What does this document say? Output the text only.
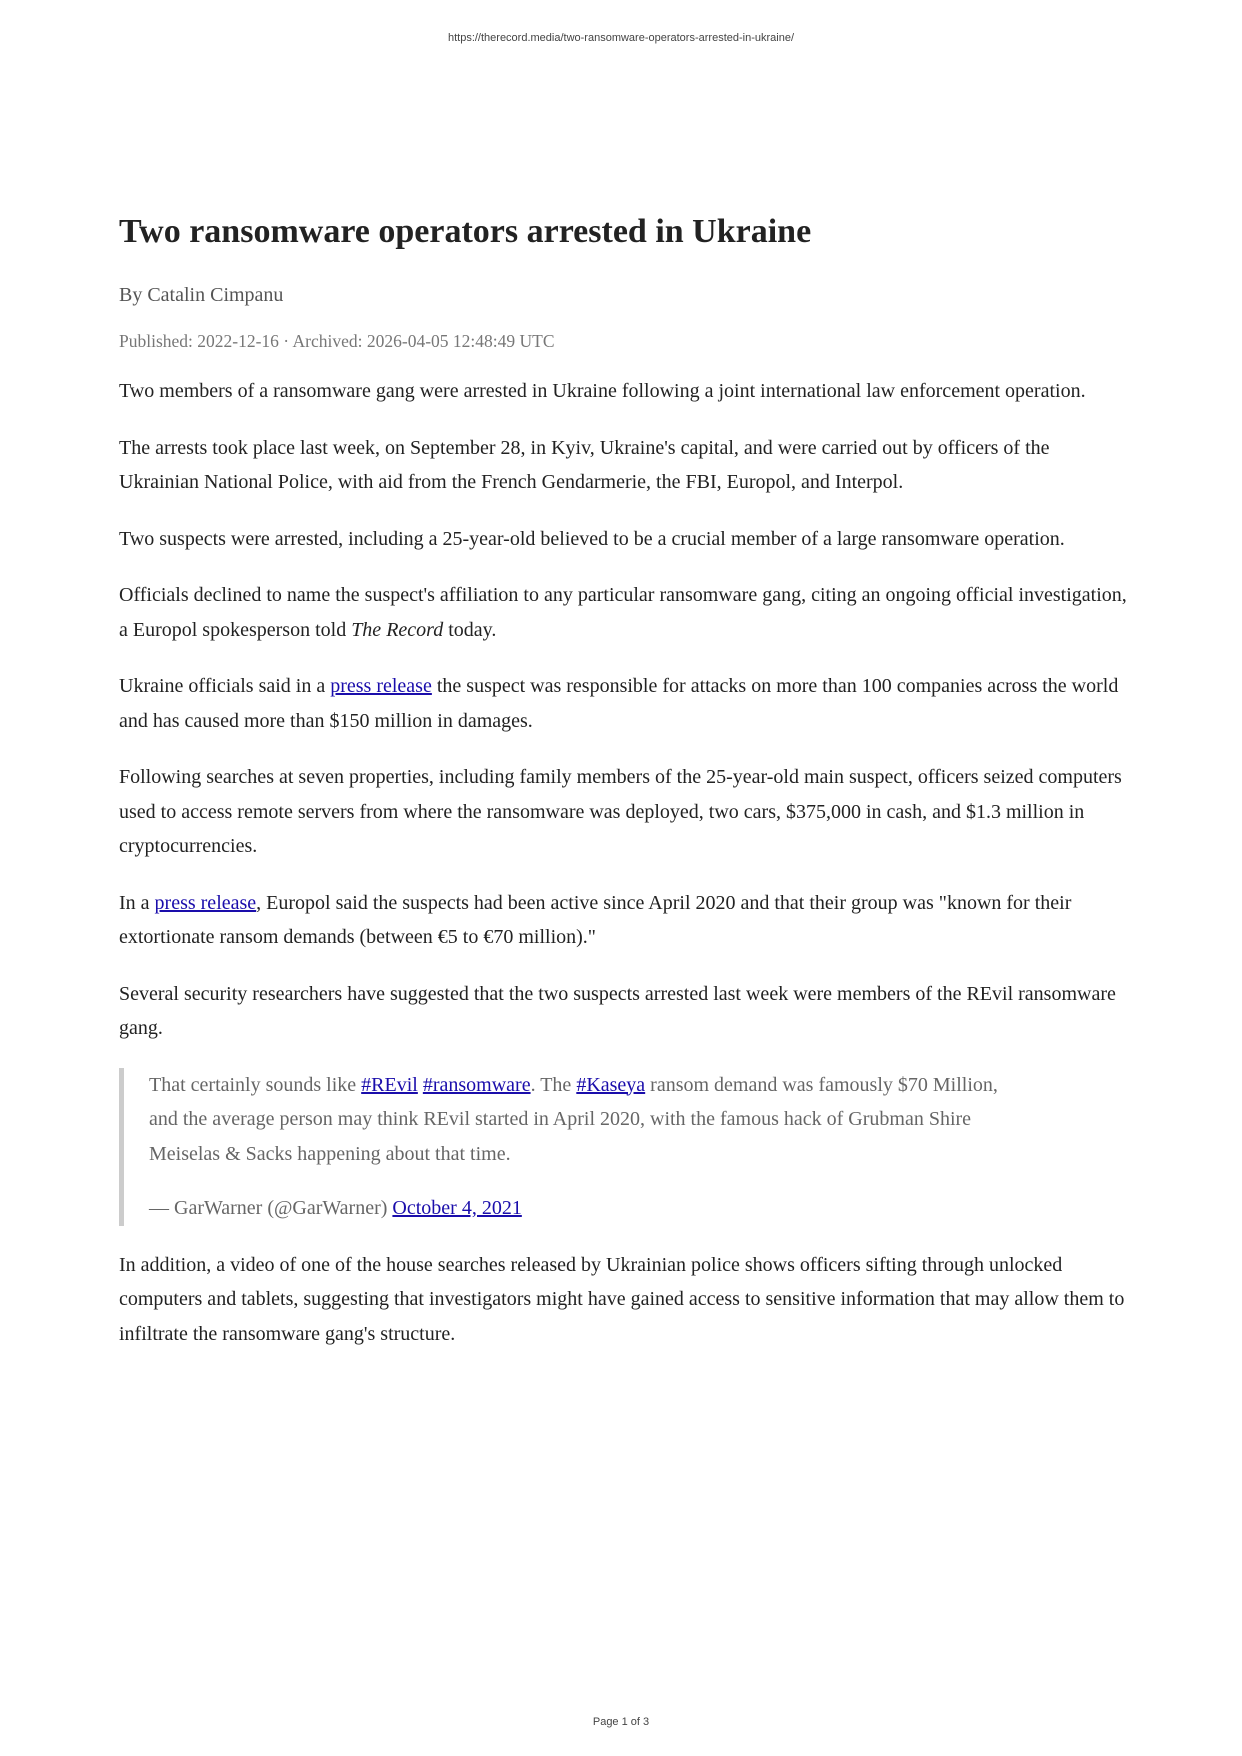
https://therecord.media/two-ransomware-operators-arrested-in-ukraine/

Two ransomware operators arrested in Ukraine

By Catalin Cimpanu

Published: 2022-12-16 · Archived: 2026-04-05 12:48:49 UTC

Two members of a ransomware gang were arrested in Ukraine following a joint international law enforcement operation.

The arrests took place last week, on September 28, in Kyiv, Ukraine's capital, and were carried out by officers of the Ukrainian National Police, with aid from the French Gendarmerie, the FBI, Europol, and Interpol.

Two suspects were arrested, including a 25-year-old believed to be a crucial member of a large ransomware operation.

Officials declined to name the suspect's affiliation to any particular ransomware gang, citing an ongoing official investigation, a Europol spokesperson told The Record today.

Ukraine officials said in a press release the suspect was responsible for attacks on more than 100 companies across the world and has caused more than $150 million in damages.

Following searches at seven properties, including family members of the 25-year-old main suspect, officers seized computers used to access remote servers from where the ransomware was deployed, two cars, $375,000 in cash, and $1.3 million in cryptocurrencies.

In a press release, Europol said the suspects had been active since April 2020 and that their group was "known for their extortionate ransom demands (between €5 to €70 million)."

Several security researchers have suggested that the two suspects arrested last week were members of the REvil ransomware gang.

That certainly sounds like #REvil #ransomware. The #Kaseya ransom demand was famously $70 Million, and the average person may think REvil started in April 2020, with the famous hack of Grubman Shire Meiselas & Sacks happening about that time.

— GarWarner (@GarWarner) October 4, 2021

In addition, a video of one of the house searches released by Ukrainian police shows officers sifting through unlocked computers and tablets, suggesting that investigators might have gained access to sensitive information that may allow them to infiltrate the ransomware gang's structure.

Page 1 of 3
